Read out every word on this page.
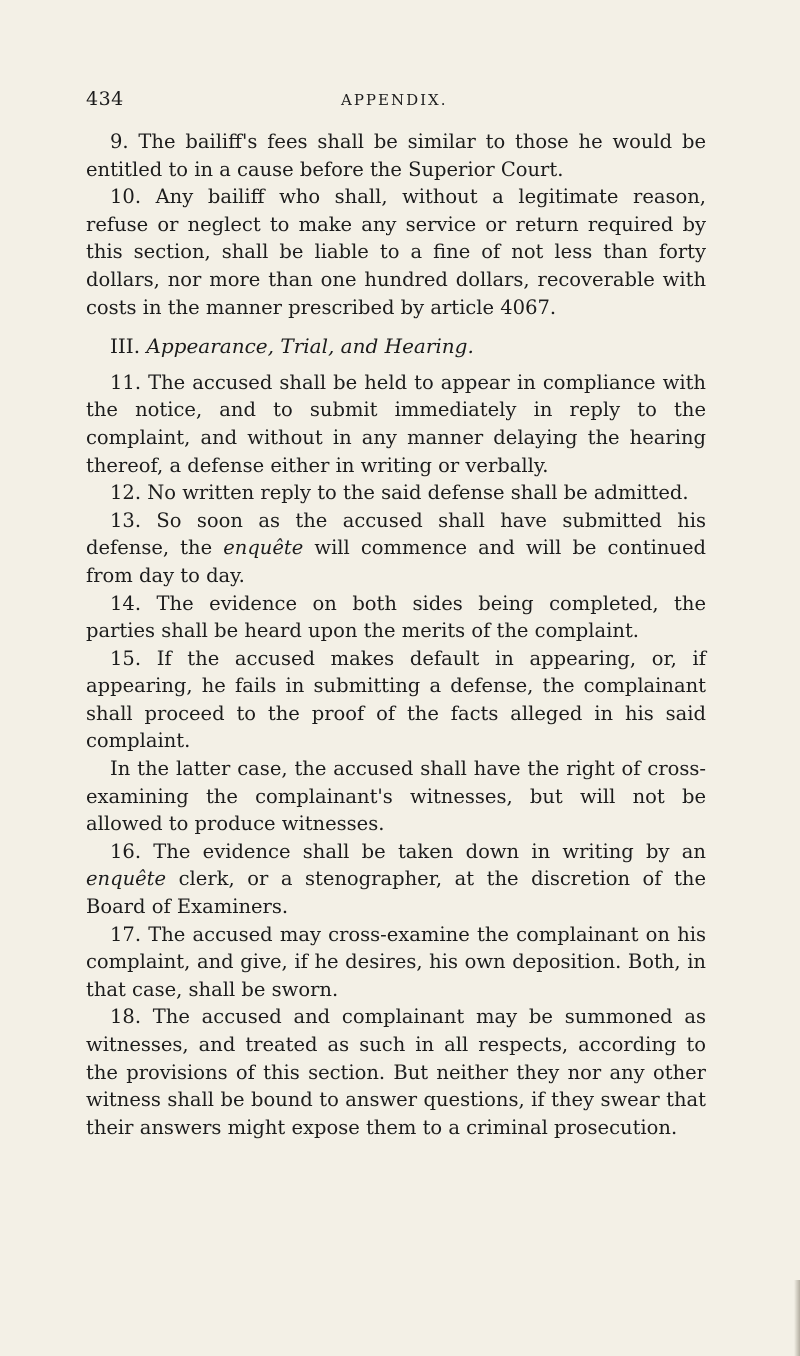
434	APPENDIX.

9. The bailiff's fees shall be similar to those he would be entitled to in a cause before the Superior Court.

10. Any bailiff who shall, without a legitimate reason, refuse or neglect to make any service or return required by this section, shall be liable to a fine of not less than forty dollars, nor more than one hundred dollars, recoverable with costs in the manner prescribed by article 4067.

III. Appearance, Trial, and Hearing.

11. The accused shall be held to appear in compliance with the notice, and to submit immediately in reply to the complaint, and without in any manner delaying the hearing thereof, a defense either in writing or verbally.

12. No written reply to the said defense shall be admitted.

13. So soon as the accused shall have submitted his defense, the enquête will commence and will be continued from day to day.

14. The evidence on both sides being completed, the parties shall be heard upon the merits of the complaint.

15. If the accused makes default in appearing, or, if appearing, he fails in submitting a defense, the complainant shall proceed to the proof of the facts alleged in his said complaint.

In the latter case, the accused shall have the right of cross-examining the complainant's witnesses, but will not be allowed to produce witnesses.

16. The evidence shall be taken down in writing by an enquête clerk, or a stenographer, at the discretion of the Board of Examiners.

17. The accused may cross-examine the complainant on his complaint, and give, if he desires, his own deposition. Both, in that case, shall be sworn.

18. The accused and complainant may be summoned as witnesses, and treated as such in all respects, according to the provisions of this section. But neither they nor any other witness shall be bound to answer questions, if they swear that their answers might expose them to a criminal prosecution.
